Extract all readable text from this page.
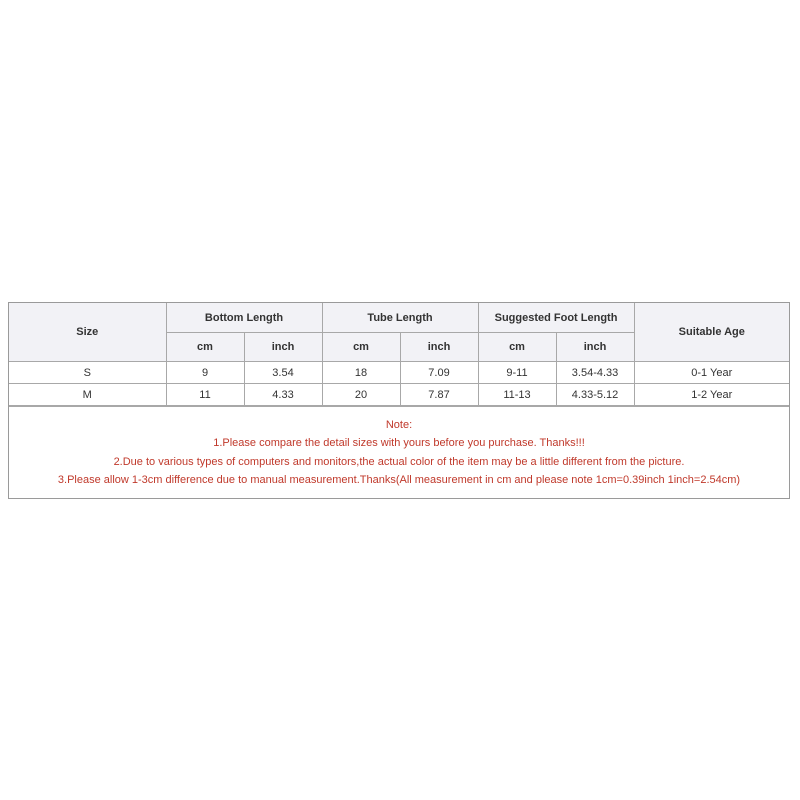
Size	Bottom Length		Tube Length		Suggested Foot Length		Suitable Age
	cm	inch	cm	inch	cm	inch	
S	9	3.54	18	7.09	9-11	3.54-4.33	0-1 Year
M	11	4.33	20	7.87	11-13	4.33-5.12	1-2 Year
Note:
1.Please compare the detail sizes with yours before you purchase. Thanks!!!
2.Due to various types of computers and monitors,the actual color of the item may be a little different from the picture.
3.Please allow 1-3cm difference due to manual measurement.Thanks(All measurement in cm and please note 1cm=0.39inch 1inch=2.54cm)
